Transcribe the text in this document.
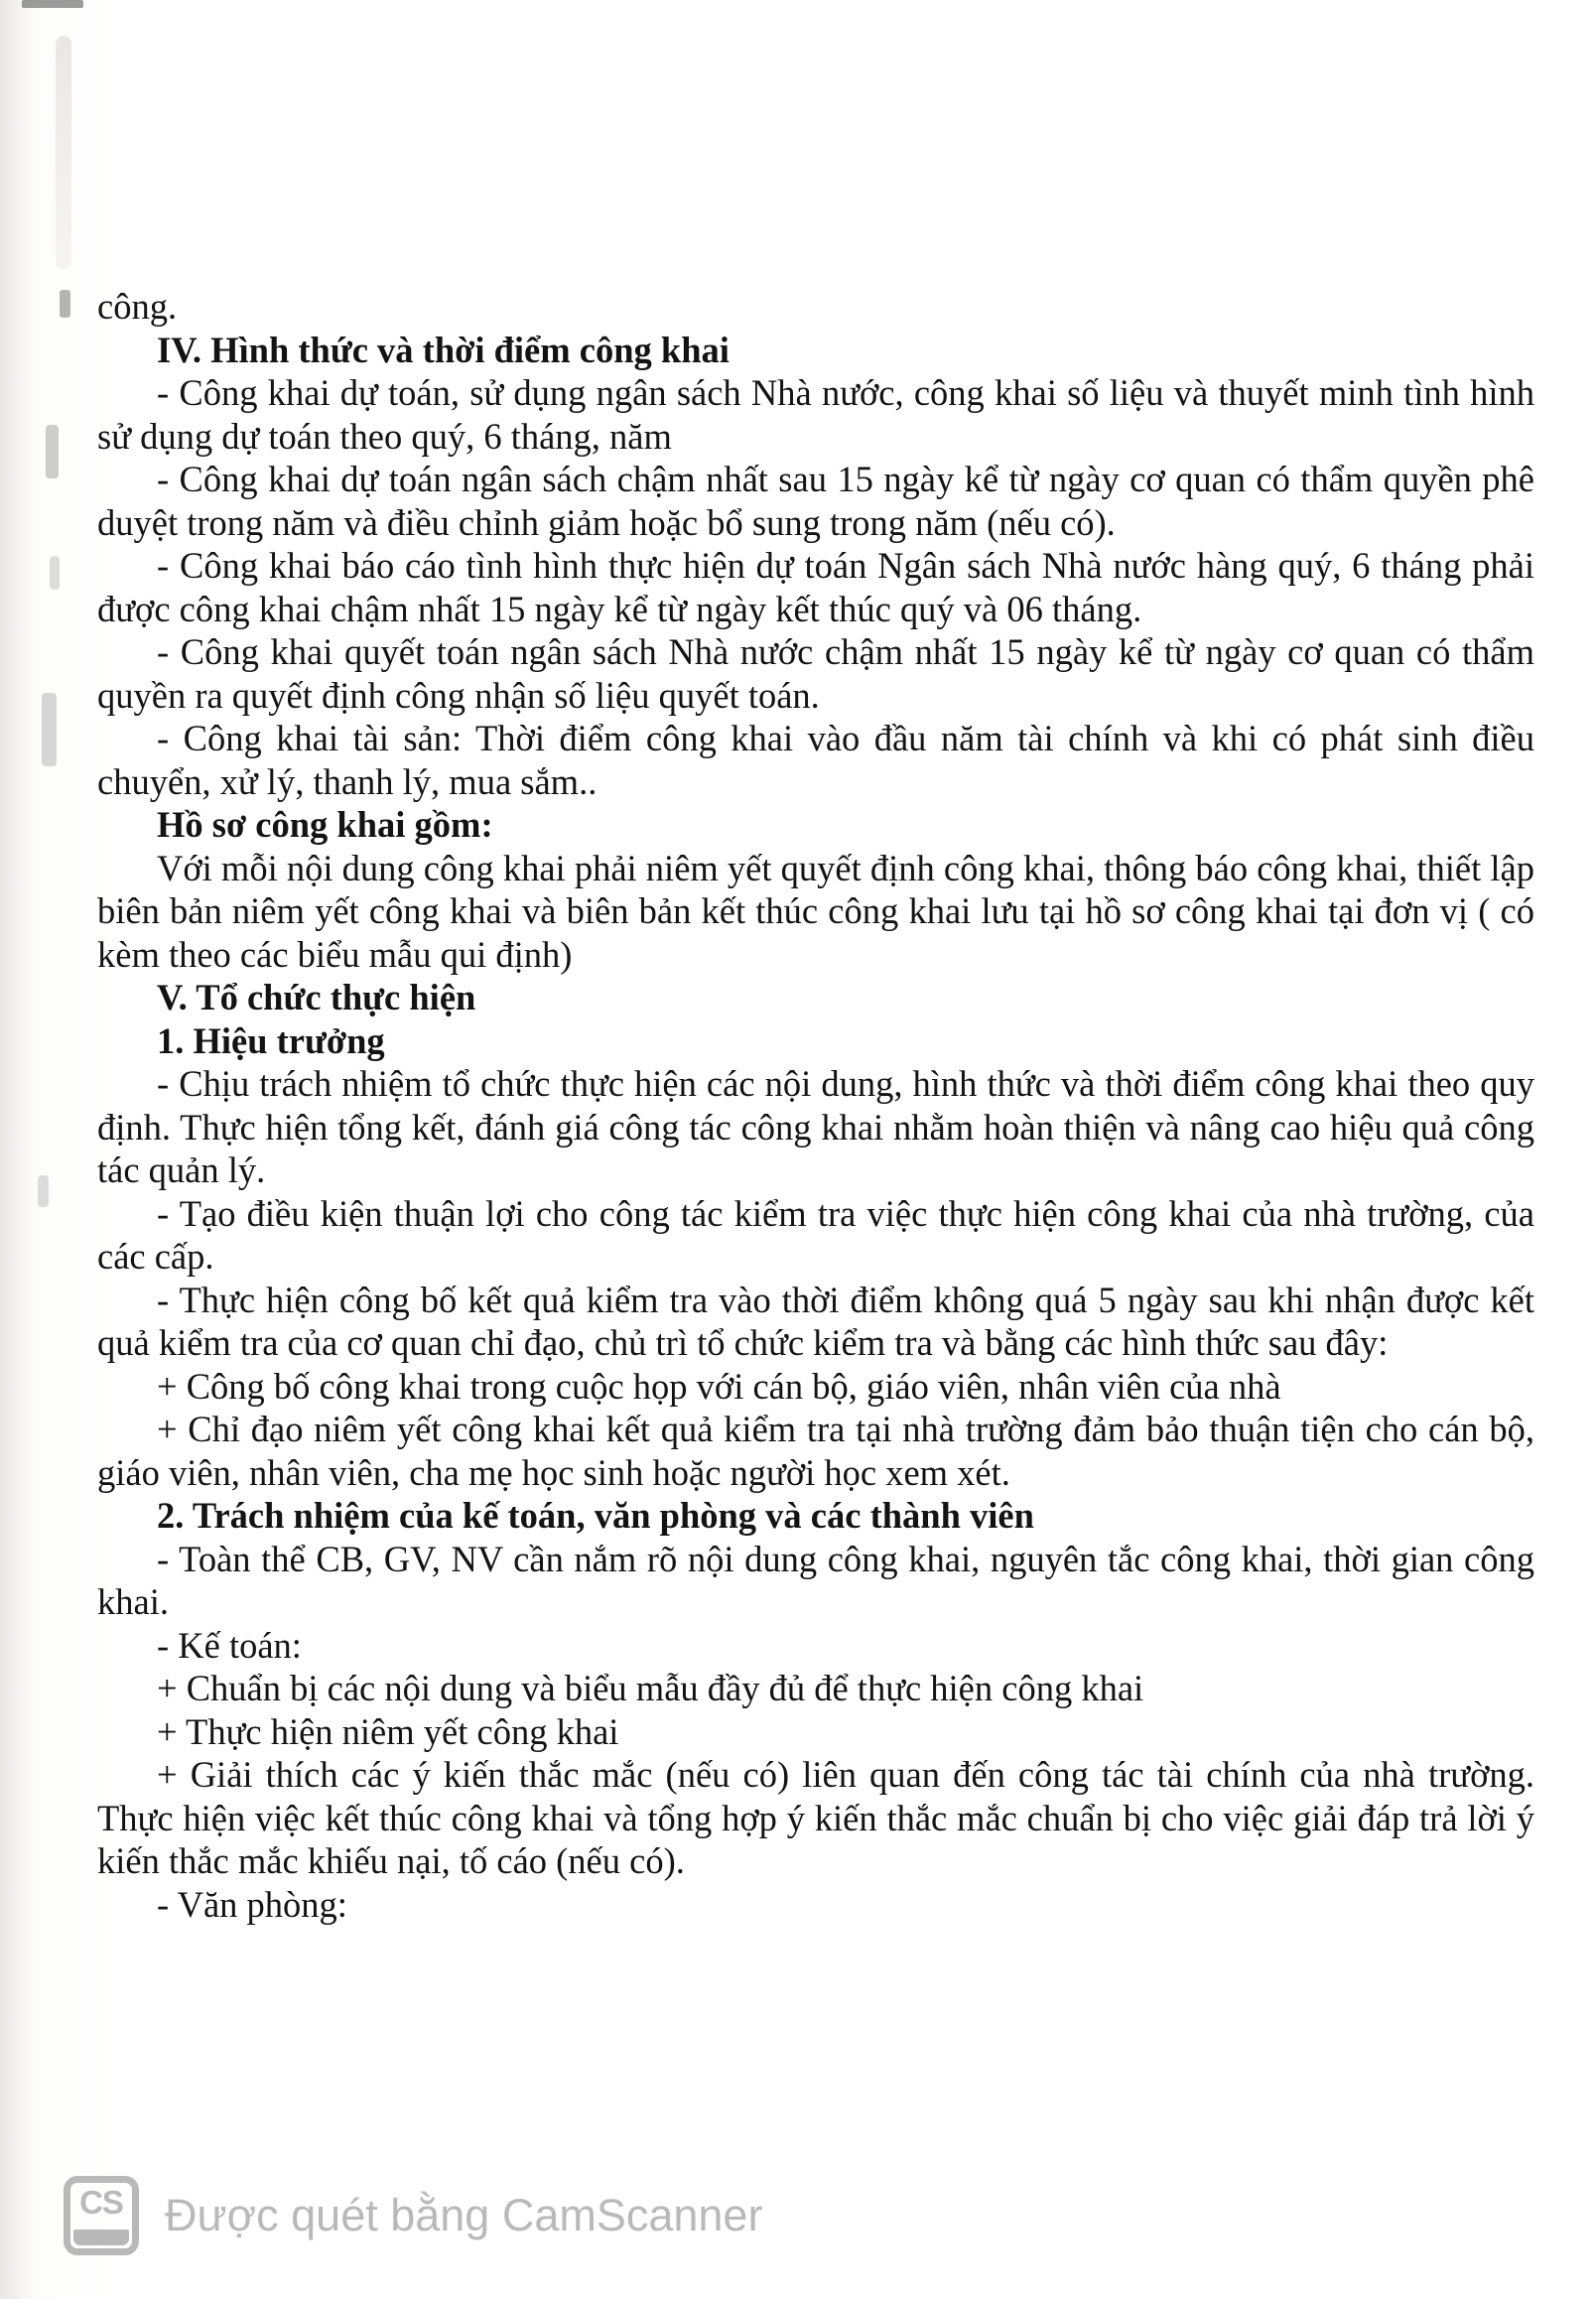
công.

IV. Hình thức và thời điểm công khai

- Công khai dự toán, sử dụng ngân sách Nhà nước, công khai số liệu và thuyết minh tình hình sử dụng dự toán theo quý, 6 tháng, năm

- Công khai dự toán ngân sách chậm nhất sau 15 ngày kể từ ngày cơ quan có thẩm quyền phê duyệt trong năm và điều chỉnh giảm hoặc bổ sung trong năm (nếu có).

- Công khai báo cáo tình hình thực hiện dự toán Ngân sách Nhà nước hàng quý, 6 tháng phải được công khai chậm nhất 15 ngày kể từ ngày kết thúc quý và 06 tháng.

- Công khai quyết toán ngân sách Nhà nước chậm nhất 15 ngày kể từ ngày cơ quan có thẩm quyền ra quyết định công nhận số liệu quyết toán.

- Công khai tài sản: Thời điểm công khai vào đầu năm tài chính và khi có phát sinh điều chuyển, xử lý, thanh lý, mua sắm..

Hồ sơ công khai gồm:

Với mỗi nội dung công khai phải niêm yết quyết định công khai, thông báo công khai, thiết lập biên bản niêm yết công khai và biên bản kết thúc công khai lưu tại hồ sơ công khai tại đơn vị ( có kèm theo các biểu mẫu qui định)

V. Tổ chức thực hiện

1. Hiệu trưởng

- Chịu trách nhiệm tổ chức thực hiện các nội dung, hình thức và thời điểm công khai theo quy định. Thực hiện tổng kết, đánh giá công tác công khai nhằm hoàn thiện và nâng cao hiệu quả công tác quản lý.

- Tạo điều kiện thuận lợi cho công tác kiểm tra việc thực hiện công khai của nhà trường, của các cấp.

- Thực hiện công bố kết quả kiểm tra vào thời điểm không quá 5 ngày sau khi nhận được kết quả kiểm tra của cơ quan chỉ đạo, chủ trì tổ chức kiểm tra và bằng các hình thức sau đây:

+ Công bố công khai trong cuộc họp với cán bộ, giáo viên, nhân viên của nhà

+ Chỉ đạo niêm yết công khai kết quả kiểm tra tại nhà trường đảm bảo thuận tiện cho cán bộ, giáo viên, nhân viên, cha mẹ học sinh hoặc người học xem xét.

2. Trách nhiệm của kế toán, văn phòng và các thành viên

- Toàn thể CB, GV, NV cần nắm rõ nội dung công khai, nguyên tắc công khai, thời gian công khai.

- Kế toán:

+ Chuẩn bị các nội dung và biểu mẫu đầy đủ để thực hiện công khai

+ Thực hiện niêm yết công khai

+ Giải thích các ý kiến thắc mắc (nếu có) liên quan đến công tác tài chính của nhà trường. Thực hiện việc kết thúc công khai và tổng hợp ý kiến thắc mắc chuẩn bị cho việc giải đáp trả lời ý kiến thắc mắc khiếu nại, tố cáo (nếu có).

- Văn phòng:

CS Được quét bằng CamScanner
